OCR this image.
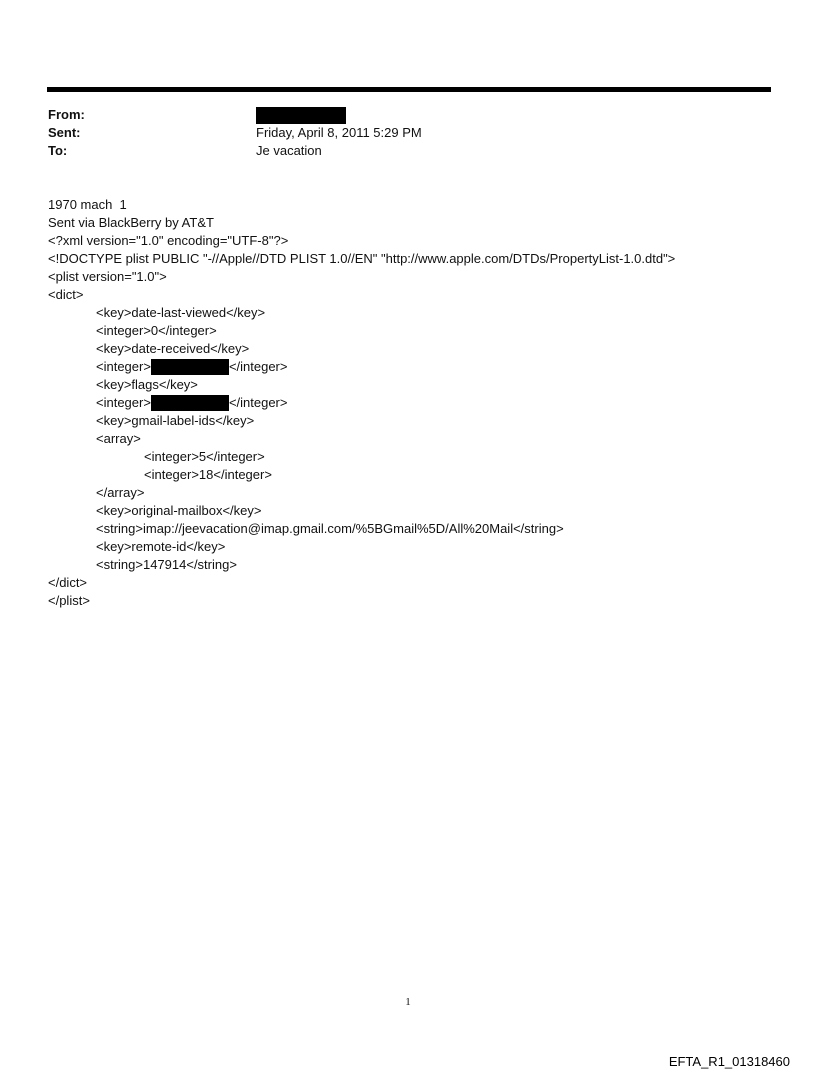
From:
Sent:	Friday, April 8, 2011 5:29 PM
To:	Je vacation
1970 mach  1
Sent via BlackBerry by AT&T
<?xml version="1.0" encoding="UTF-8"?>
<!DOCTYPE plist PUBLIC "-//Apple//DTD PLIST 1.0//EN" "http://www.apple.com/DTDs/PropertyList-1.0.dtd">
<plist version="1.0">
<dict>
<key>date-last-viewed</key>
<integer>0</integer>
<key>date-received</key>
<integer>	</integer>
<key>flags</key>
<integer>	</integer>
<key>gmail-label-ids</key>
<array>
<integer>5</integer>
<integer>18</integer>
</array>
<key>original-mailbox</key>
<string>imap://jeevacation@imap.gmail.com/%5BGmail%5D/All%20Mail</string>
<key>remote-id</key>
<string>147914</string>
</dict>
</plist>
1
EFTA_R1_01318460
